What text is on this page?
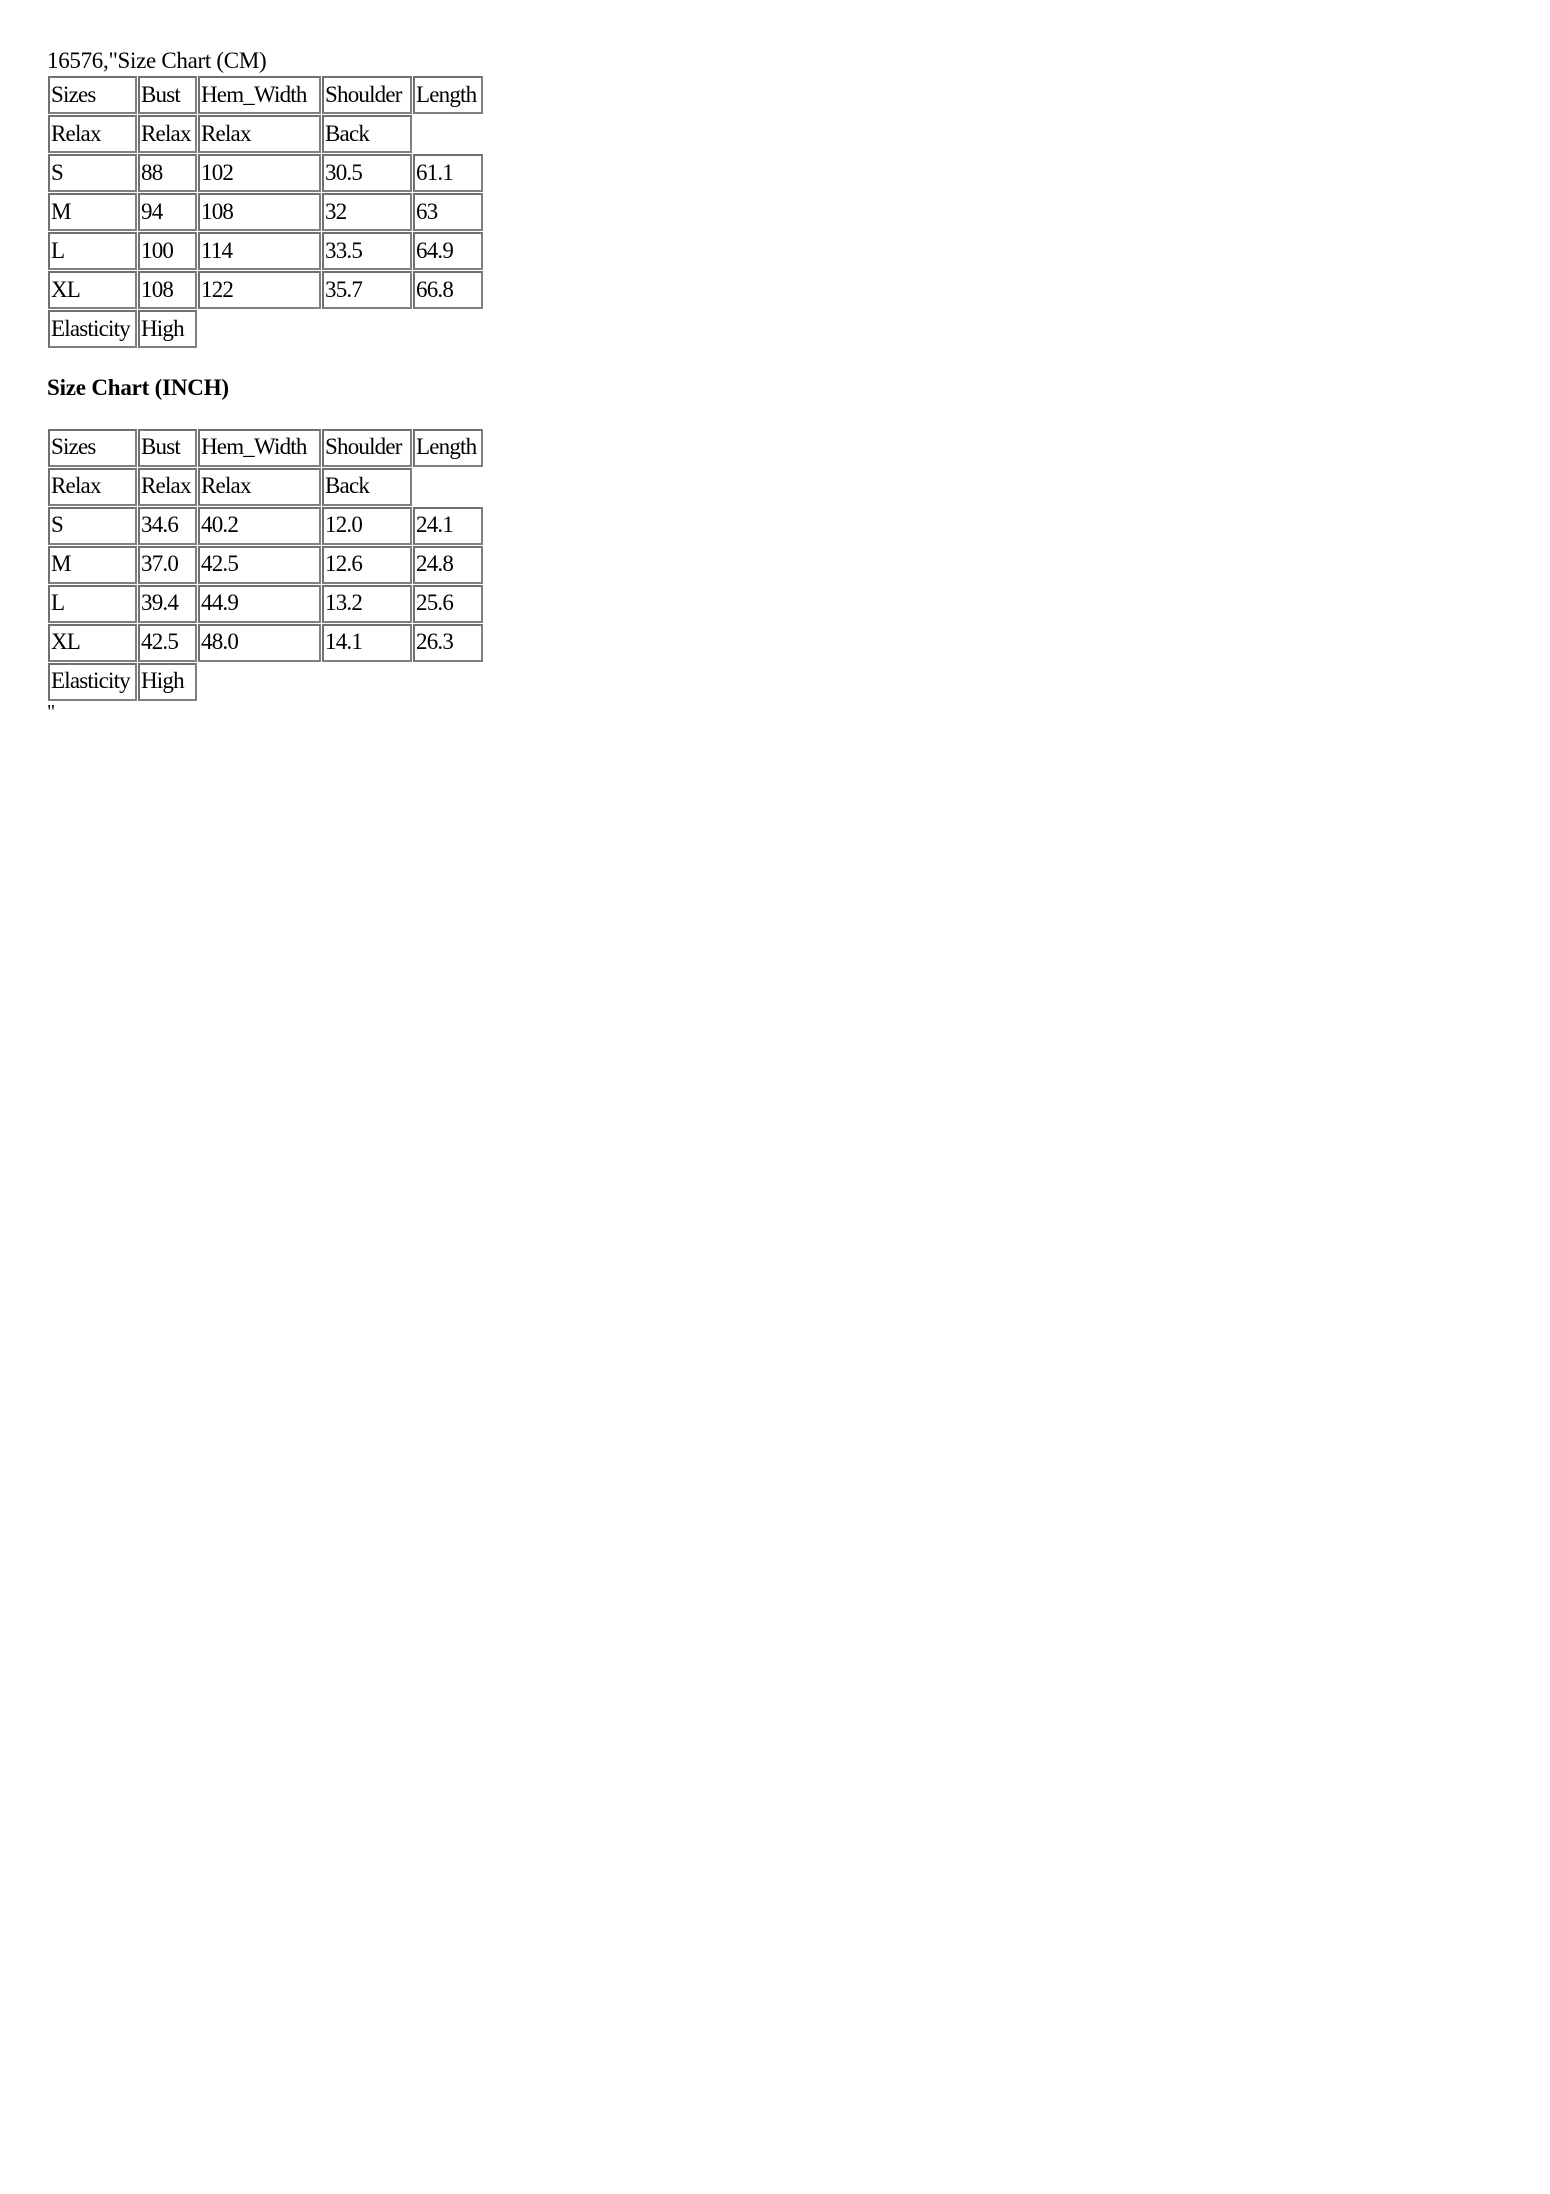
16576,"Size Chart (CM)
Sizes	Bust	Hem_Width	Shoulder	Length
Relax	Relax	Relax	Back	
S	88	102	30.5	61.1
M	94	108	32	63
L	100	114	33.5	64.9
XL	108	122	35.7	66.8
Elasticity	High			
Size Chart (INCH)
Sizes	Bust	Hem_Width	Shoulder	Length
Relax	Relax	Relax	Back	
S	34.6	40.2	12.0	24.1
M	37.0	42.5	12.6	24.8
L	39.4	44.9	13.2	25.6
XL	42.5	48.0	14.1	26.3
Elasticity	High			
"
